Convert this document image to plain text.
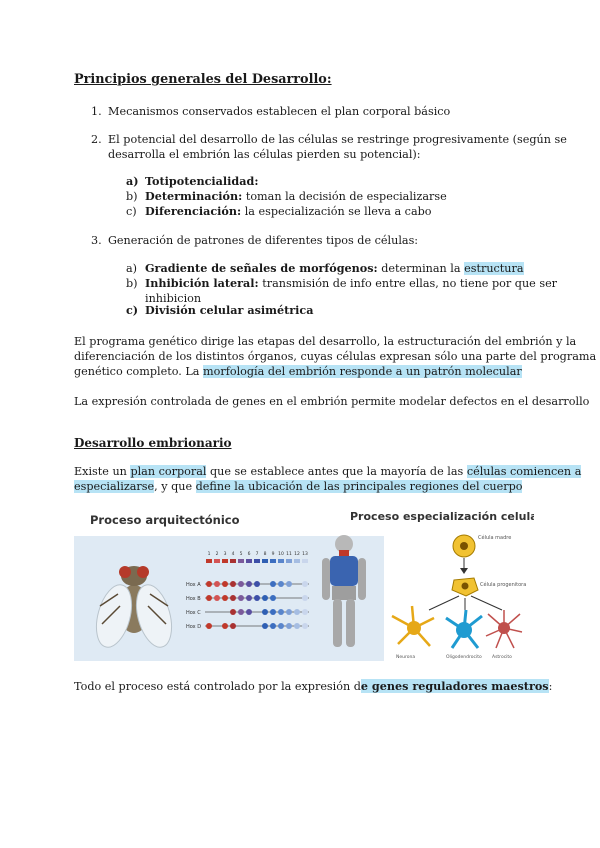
Principios generales del Desarrollo:
1. Mecanismos conservados establecen el plan corporal básico
2. El potencial del desarrollo de las células se restringe progresivamente (según se
desarrolla el embrión las células pierden su potencial):
a) Totipotencialidad:
b) Determinación: toman la decisión de especializarse
c) Diferenciación: la especialización se lleva a cabo
3. Generación de patrones de diferentes tipos de células:
a) Gradiente de señales de morfógenos: determinan la estructura
b) Inhibición lateral: transmisión de info entre ellas, no tiene por que ser
inhibicion
c) División celular asimétrica
El programa genético dirige las etapas del desarrollo, la estructuración del embrión y la
diferenciación de los distintos órganos, cuyas células expresan sólo una parte del programa
genético completo. La morfología del embrión responde a un patrón molecular
La expresión controlada de genes en el embrión permite modelar defectos en el desarrollo
Desarrollo embrionario
Existe un plan corporal que se establece antes que la mayoría de las células comiencen a
especializarse, y que define la ubicación de las principales regiones del cuerpo
Proceso arquitectónico
1 2 3 4 5 6 7 8 9 10 11 12 13
Hox A
Hox B
Hox C
Hox D
Proceso especialización celular
Célula madre
Célula progenitora
Neurona	Oligodendrocito Astrocito
Todo el proceso está controlado por la expresión de genes reguladores maestros:
